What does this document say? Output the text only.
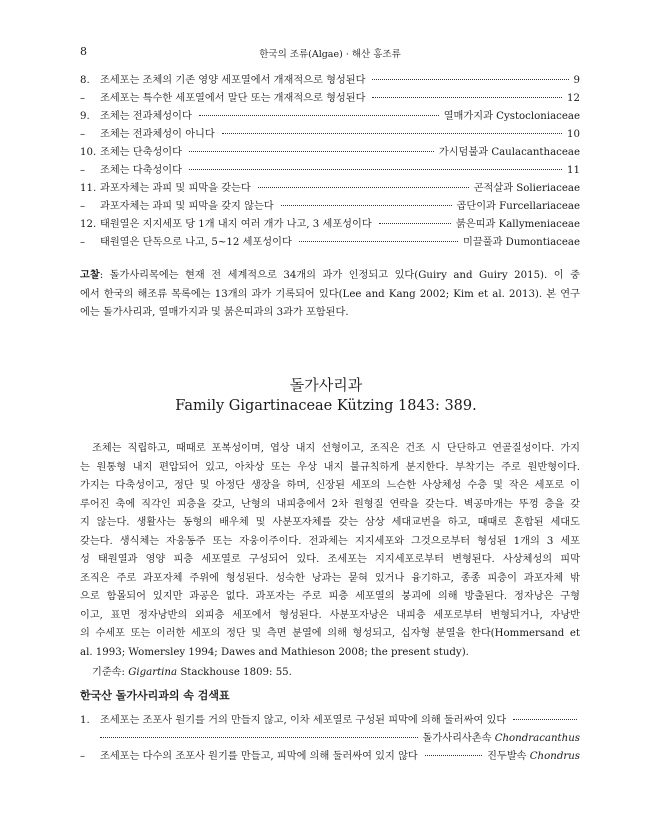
8	한국의 조류(Algae) · 해산 홍조류
8.	조세포는 조체의 기존 영양 세포열에서 개재적으로 형성된다	9
–	조세포는 특수한 세포열에서 말단 또는 개재적으로 형성된다	12
9.	조체는 전과체성이다	열매가지과 Cystocloniaceae
–	조체는 전과체성이 아니다	10
10. 조체는 단축성이다	가시덤불과 Caulacanthaceae
–	조체는 다축성이다	11
11. 과포자체는 과피 및 피막을 갖는다	곤적살과 Solieriaceae
–	과포자체는 과피 및 피막을 갖지 않는다	곱단이과 Furcellariaceae
12. 태원열은 지지세포 당 1개 내지 여러 개가 나고, 3 세포성이다	붉은띠과 Kallymeniaceae
–	태원열은 단독으로 나고, 5~12 세포성이다	미끌풀과 Dumontiaceae
고찰: 돌가사리목에는 현재 전 세계적으로 34개의 과가 인정되고 있다(Guiry and Guiry 2015). 이 중
에서 한국의 해조류 목록에는 13개의 과가 기록되어 있다(Lee and Kang 2002; Kim et al. 2013). 본 연구
에는 돌가사리과, 열매가지과 및 붉은띠과의 3과가 포함된다.
돌가사리과
Family Gigartinaceae Kützing 1843: 389.
조체는 직립하고, 때때로 포복성이며, 엽상 내지 선형이고, 조직은 건조 시 단단하고 연골질성이다. 가지
는 원통형 내지 편압되어 있고, 아차상 또는 우상 내지 불규칙하게 분지한다. 부착기는 주로 원반형이다.
가지는 다축성이고, 정단 및 아정단 생장을 하며, 신장된 세포의 느슨한 사상체성 수층 및 작은 세포로 이
루어진 축에 직각인 피층을 갖고, 난형의 내피층에서 2차 원형질 연락을 갖는다. 벽공마개는 뚜껑 층을 갖
지 않는다. 생활사는 동형의 배우체 및 사분포자체를 갖는 삼상 세대교번을 하고, 때때로 혼합된 세대도
갖는다. 생식체는 자웅동주 또는 자웅이주이다. 전과체는 지지세포와 그것으로부터 형성된 1개의 3 세포
성 태원열과 영양 피층 세포열로 구성되어 있다. 조세포는 지지세포로부터 변형된다. 사상체성의 피막
조직은 주로 과포자체 주위에 형성된다. 성숙한 낭과는 묻혀 있거나 융기하고, 종종 피층이 과포자체 밖
으로 함몰되어 있지만 과공은 없다. 과포자는 주로 피층 세포열의 붕괴에 의해 방출된다. 정자낭은 구형
이고, 표면 정자낭반의 외피층 세포에서 형성된다. 사분포자낭은 내피층 세포로부터 변형되거나, 자낭반
의 수세포 또는 이러한 세포의 정단 및 측면 분열에 의해 형성되고, 십자형 분열을 한다(Hommersand et
al. 1993; Womersley 1994; Dawes and Mathieson 2008; the present study).
기준속: Gigartina Stackhouse 1809: 55.
한국산 돌가사리과의 속 검색표
1.	조세포는 조포사 원기를 거의 만들지 않고, 이차 세포열로 구성된 피막에 의해 둘러싸여 있다
돌가사리사촌속 Chondracanthus
–	조세포는 다수의 조포사 원기를 만들고, 피막에 의해 둘러싸여 있지 않다	진두발속 Chondrus
